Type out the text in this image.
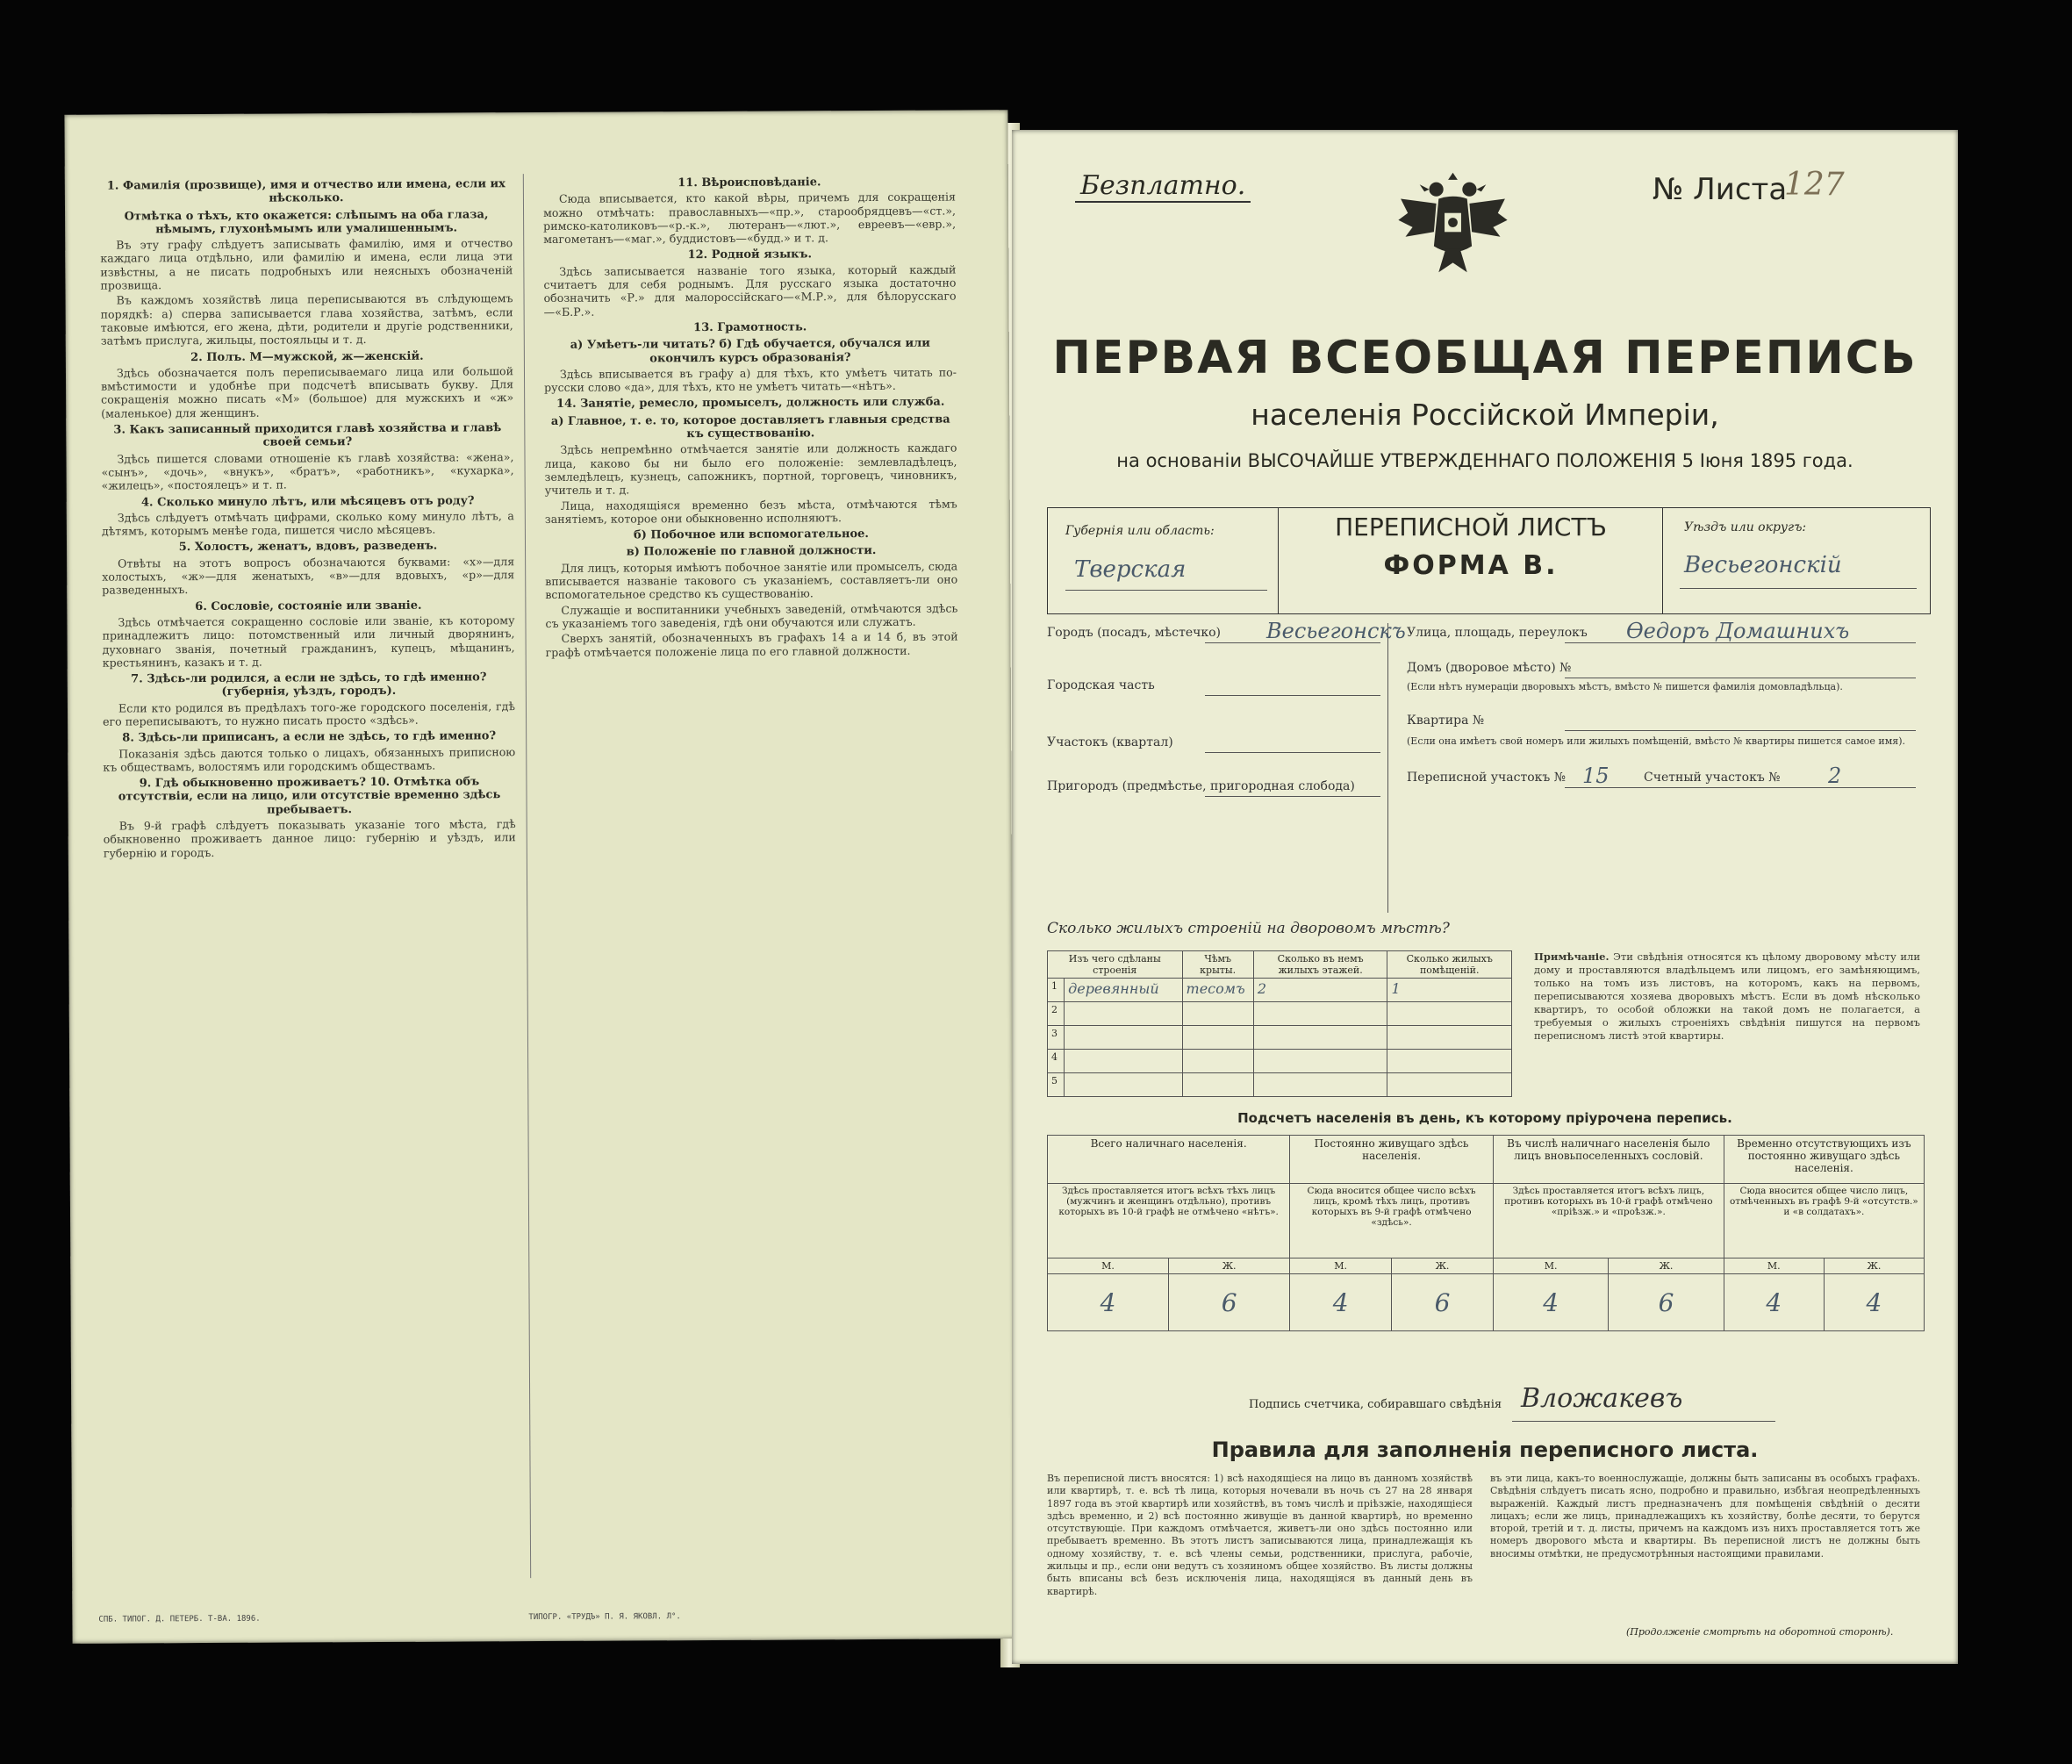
1. Фамилія (прозвище), имя и отчество или имена, если их нѣсколько.
Отмѣтка о тѣхъ, кто окажется: слѣпымъ на оба глаза, нѣмымъ, глухонѣмымъ или умалишеннымъ.
Въ эту графу слѣдуетъ записывать фамилію, имя и отчество каждаго лица отдѣльно, или фамилію и имена, если лица эти извѣстны, а не писать подробныхъ или неясныхъ обозначеній прозвища.
Въ каждомъ хозяйствѣ лица переписываются въ слѣдующемъ порядкѣ: а) сперва записывается глава хозяйства, затѣмъ, если таковые имѣются, его жена, дѣти, родители и другіе родственники, затѣмъ прислуга, жильцы, постояльцы и т. д.
2. Полъ. М—мужской, ж—женскій.
Здѣсь обозначается полъ переписываемаго лица или большой вмѣстимости и удобнѣе при подсчетѣ вписывать букву. Для сокращенія можно писать «М» (большое) для мужскихъ и «ж» (маленькое) для женщинъ.
3. Какъ записанный приходится главѣ хозяйства и главѣ своей семьи?
Здѣсь пишется словами отношеніе къ главѣ хозяйства: «жена», «сынъ», «дочь», «внукъ», «братъ», «работникъ», «кухарка», «жилецъ», «постоялецъ» и т. п.
4. Сколько минуло лѣтъ, или мѣсяцевъ отъ роду?
Здѣсь слѣдуетъ отмѣчать цифрами, сколько кому минуло лѣтъ, а дѣтямъ, которымъ менѣе года, пишется число мѣсяцевъ.
5. Холостъ, женатъ, вдовъ, разведенъ.
Отвѣты на этотъ вопросъ обозначаются буквами: «х»—для холостыхъ, «ж»—для женатыхъ, «в»—для вдовыхъ, «р»—для разведенныхъ.
6. Сословіе, состояніе или званіе.
Здѣсь отмѣчается сокращенно сословіе или званіе, къ которому принадлежитъ лицо: потомственный или личный дворянинъ, духовнаго званія, почетный гражданинъ, купецъ, мѣщанинъ, крестьянинъ, казакъ и т. д.
7. Здѣсь-ли родился, а если не здѣсь, то гдѣ именно? (губернія, уѣздъ, городъ).
Если кто родился въ предѣлахъ того-же городского поселенія, гдѣ его переписываютъ, то нужно писать просто «здѣсь».
8. Здѣсь-ли приписанъ, а если не здѣсь, то гдѣ именно?
Показанія здѣсь даются только о лицахъ, обязанныхъ приписною къ обществамъ, волостямъ или городскимъ обществамъ.
9. Гдѣ обыкновенно проживаетъ? 10. Отмѣтка объ отсутствіи, если на лицо, или отсутствіе временно здѣсь пребываетъ.
Въ 9-й графѣ слѣдуетъ показывать указаніе того мѣста, гдѣ обыкновенно проживаетъ данное лицо: губернію и уѣздъ, или губернію и городъ.
11. Вѣроисповѣданіе.
Сюда вписывается, кто какой вѣры, причемъ для сокращенія можно отмѣчать: православныхъ—«пр.», старообрядцевъ—«ст.», римско-католиковъ—«р.-к.», лютеранъ—«лют.», евреевъ—«евр.», магометанъ—«маг.», буддистовъ—«будд.» и т. д.
12. Родной языкъ.
Здѣсь записывается названіе того языка, который каждый считаетъ для себя роднымъ. Для русскаго языка достаточно обозначить «Р.» для малороссійскаго—«М.Р.», для бѣлорусскаго—«Б.Р.».
13. Грамотность.
а) Умѣетъ-ли читать? б) Гдѣ обучается, обучался или окончилъ курсъ образованія?
Здѣсь вписывается въ графу а) для тѣхъ, кто умѣетъ читать по-русски слово «да», для тѣхъ, кто не умѣетъ читать—«нѣтъ».
14. Занятіе, ремесло, промыселъ, должность или служба.
а) Главное, т. е. то, которое доставляетъ главныя средства къ существованію.
Здѣсь непремѣнно отмѣчается занятіе или должность каждаго лица, каково бы ни было его положеніе: землевладѣлецъ, земледѣлецъ, кузнецъ, сапожникъ, портной, торговецъ, чиновникъ, учитель и т. д.
Лица, находящіяся временно безъ мѣста, отмѣчаются тѣмъ занятіемъ, которое они обыкновенно исполняютъ.
б) Побочное или вспомогательное.
в) Положеніе по главной должности.
Для лицъ, которыя имѣютъ побочное занятіе или промыселъ, сюда вписывается названіе такового съ указаніемъ, составляетъ-ли оно вспомогательное средство къ существованію.
Служащіе и воспитанники учебныхъ заведеній, отмѣчаются здѣсь съ указаніемъ того заведенія, гдѣ они обучаются или служатъ.
Сверхъ занятій, обозначенныхъ въ графахъ 14 а и 14 б, въ этой графѣ отмѣчается положеніе лица по его главной должности.
СПБ. ТИПОГ. Д. ПЕТЕРБ. Т-ВА. 1896.	ТИПОГР. «ТРУДЪ» П. Я. ЯКОВЛ. Л°.
Безплатно.	№ Листа
127
ПЕРВАЯ ВСЕОБЩАЯ ПЕРЕПИСЬ
населенія Россійской Имперіи,
на основаніи ВЫСОЧАЙШЕ УТВЕРЖДЕННАГО ПОЛОЖЕНІЯ 5 Іюня 1895 года.
Губернія или область:
Тверская
ПЕРЕПИСНОЙ ЛИСТЪ
ФОРМА В.
Уѣздъ или округъ:
Весьегонскій
Сколько жилыхъ строеній на дворовомъ мѣстѣ?
Изъ чего сдѣланы строенія		Чѣмъ крыты.	Сколько въ немъ жилыхъ этажей.	Сколько жилыхъ помѣщеній.
1	деревянный	тесомъ	2	1
2				
3				
4				
5				
Примѣчаніе. Эти свѣдѣнія относятся къ цѣлому дворовому мѣсту или дому и проставляются владѣльцемъ или лицомъ, его замѣняющимъ, только на томъ изъ листовъ, на которомъ, какъ на первомъ, переписываются хозяева дворовыхъ мѣстъ. Если въ домѣ нѣсколько квартиръ, то особой обложки на такой домъ не полагается, а требуемыя о жилыхъ строеніяхъ свѣдѣнія пишутся на первомъ переписномъ листѣ этой квартиры.
Подсчетъ населенія въ день, къ которому пріурочена перепись.
Всего наличнаго населенія.		Постоянно живущаго здѣсь населенія.		Въ числѣ наличнаго населенія было лицъ вновьпоселенныхъ сословій.		Временно отсутствующихъ изъ постоянно живущаго здѣсь населенія.	
Здѣсь проставляется итогъ всѣхъ тѣхъ лицъ (мужчинъ и женщинъ отдѣльно), противъ которыхъ въ 10-й графѣ не отмѣчено «нѣтъ».		Сюда вносится общее число всѣхъ лицъ, кромѣ тѣхъ лицъ, противъ которыхъ въ 9-й графѣ отмѣчено «здѣсь».		Здѣсь проставляется итогъ всѣхъ лицъ, противъ которыхъ въ 10-й графѣ отмѣчено «пріѣзж.» и «проѣзж.».		Сюда вносится общее число лицъ, отмѣченныхъ въ графѣ 9-й «отсутств.» и «в солдатахъ».	
М.	Ж.	М.	Ж.	М.	Ж.	М.	Ж.
4	6	4	6	4	6	4	4
Подпись счетчика, собиравшаго свѣдѣнія Вложакевъ
Правила для заполненія переписного листа.
Въ переписной листъ вносятся: 1) всѣ находящіеся на лицо въ данномъ хозяйствѣ или квартирѣ, т. е. всѣ тѣ лица, которыя ночевали въ ночь съ 27 на 28 января 1897 года въ этой квартирѣ или хозяйствѣ, въ томъ числѣ и пріѣзжіе, находящіеся здѣсь временно, и 2) всѣ постоянно живущіе въ данной квартирѣ, но временно отсутствующіе. При каждомъ отмѣчается, живетъ-ли оно здѣсь постоянно или пребываетъ временно. Въ этотъ листъ записываются лица, принадлежащія къ одному хозяйству, т. е. всѣ члены семьи, родственники, прислуга, рабочіе, жильцы и пр., если они ведутъ съ хозяиномъ общее хозяйство. Въ листы должны быть вписаны всѣ безъ исключенія лица, находящіяся въ данный день въ квартирѣ.
въ эти лица, какъ-то военнослужащіе, должны быть записаны въ особыхъ графахъ. Свѣдѣнія слѣдуетъ писать ясно, подробно и правильно, избѣгая неопредѣленныхъ выраженій. Каждый листъ предназначенъ для помѣщенія свѣдѣній о десяти лицахъ; если же лицъ, принадлежащихъ къ хозяйству, болѣе десяти, то берутся второй, третій и т. д. листы, причемъ на каждомъ изъ нихъ проставляется тотъ же номеръ дворового мѣста и квартиры. Въ переписной листъ не должны быть вносимы отмѣтки, не предусмотрѣнныя настоящими правилами.
(Продолженіе смотрѣть на оборотной сторонѣ).
Городъ (посадъ, мѣстечко) Весьегонскъ
Городская часть
Участокъ (квартал)
Пригородъ (предмѣстье, пригородная слобода)
Улица, площадь, переулокъ Ѳедоръ Домашнихъ
Домъ (дворовое мѣсто) №
(Если нѣтъ нумераціи дворовыхъ мѣстъ, вмѣсто № пишется фамилія домовладѣльца).
Квартира №
(Если она имѣетъ свой номеръ или жилыхъ помѣщеній, вмѣсто № квартиры пишется самое имя).
Переписной участокъ № 15	Счетный участокъ № 2
